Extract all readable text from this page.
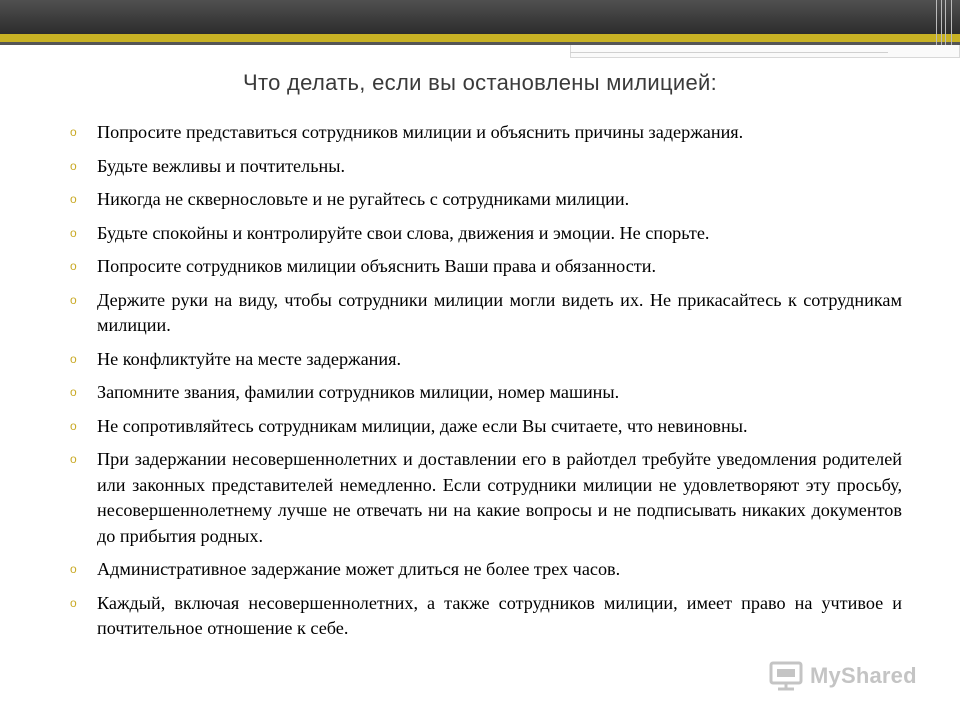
Что делать, если вы остановлены милицией:
o Попросите представиться сотрудников милиции и объяснить причины задержания.
o Будьте вежливы и почтительны.
o Никогда не сквернословьте и не ругайтесь с сотрудниками милиции.
o Будьте спокойны и контролируйте свои слова, движения и эмоции. Не спорьте.
o Попросите сотрудников милиции объяснить Ваши права и обязанности.
o Держите руки на виду, чтобы сотрудники милиции могли видеть их. Не прикасайтесь к сотрудникам милиции.
o Не конфликтуйте на месте задержания.
o Запомните звания, фамилии сотрудников милиции, номер машины.
o Не сопротивляйтесь сотрудникам милиции, даже если Вы считаете, что невиновны.
o При задержании несовершеннолетних и доставлении его в райотдел требуйте уведомления родителей или законных представителей немедленно. Если сотрудники милиции не удовлетворяют эту просьбу, несовершеннолетнему лучше не отвечать ни на какие вопросы и не подписывать никаких документов до прибытия родных.
o Административное задержание может длиться не более трех часов.
o Каждый, включая несовершеннолетних, а также сотрудников милиции, имеет право на учтивое и почтительное отношение к себе.
MyShared
